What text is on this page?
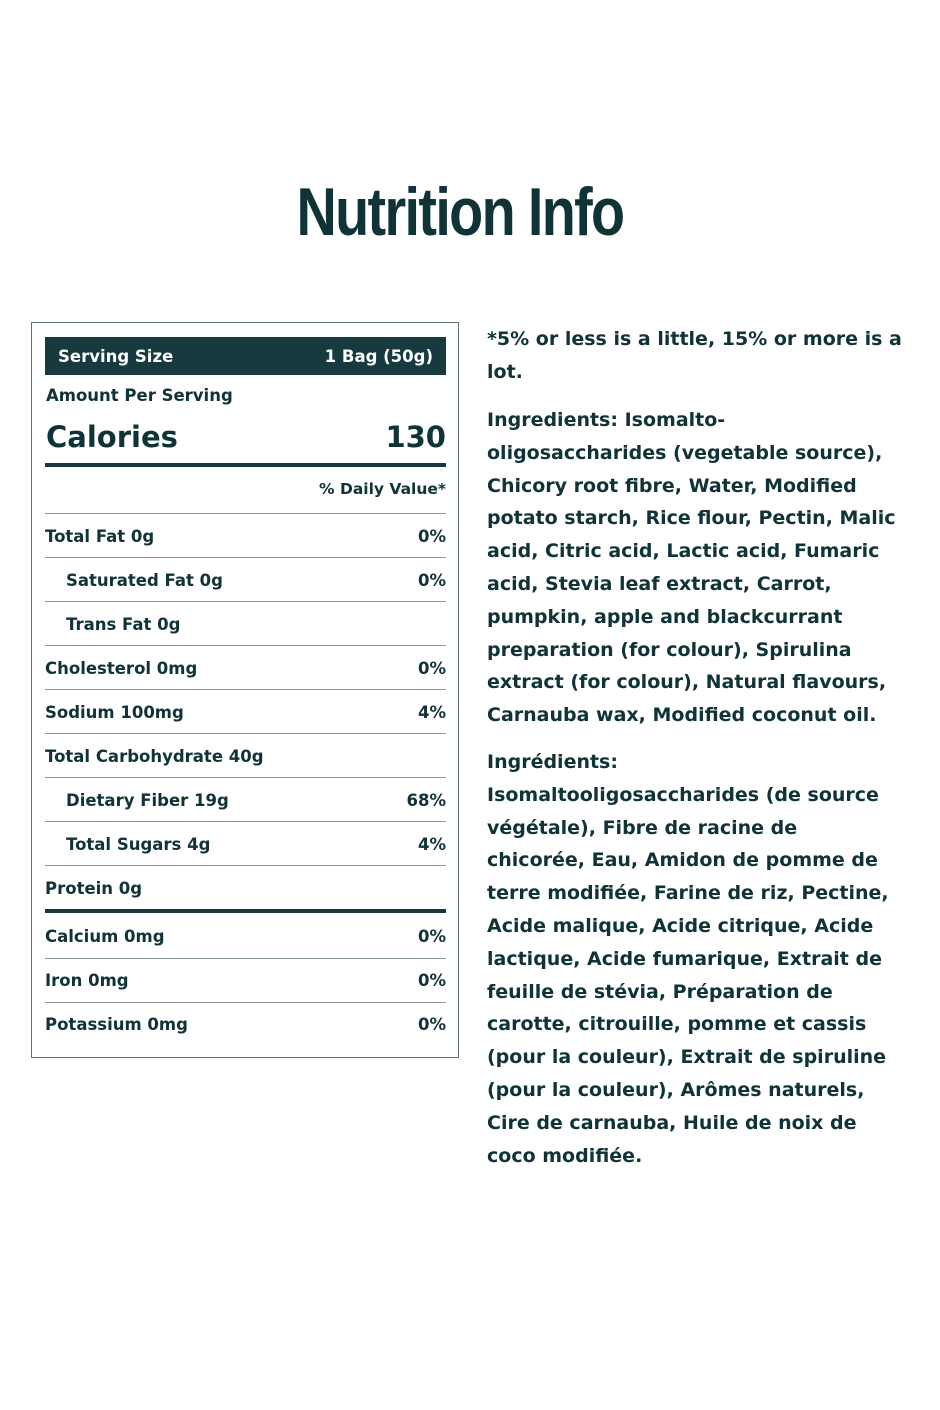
Nutrition Info
Serving Size	1 Bag (50g)
Amount Per Serving
Calories	130
% Daily Value*
Total Fat 0g	0%
Saturated Fat 0g	0%
Trans Fat 0g
Cholesterol 0mg	0%
Sodium 100mg	4%
Total Carbohydrate 40g
Dietary Fiber 19g	68%
Total Sugars 4g	4%
Protein 0g
Calcium 0mg	0%
Iron 0mg	0%
Potassium 0mg	0%

*5% or less is a little, 15% or more is a
lot.

Ingredients: Isomalto-
oligosaccharides (vegetable source),
Chicory root fibre, Water, Modified
potato starch, Rice flour, Pectin, Malic
acid, Citric acid, Lactic acid, Fumaric
acid, Stevia leaf extract, Carrot,
pumpkin, apple and blackcurrant
preparation (for colour), Spirulina
extract (for colour), Natural flavours,
Carnauba wax, Modified coconut oil.

Ingrédients:
Isomaltooligosaccharides (de source
végétale), Fibre de racine de
chicorée, Eau, Amidon de pomme de
terre modifiée, Farine de riz, Pectine,
Acide malique, Acide citrique, Acide
lactique, Acide fumarique, Extrait de
feuille de stévia, Préparation de
carotte, citrouille, pomme et cassis
(pour la couleur), Extrait de spiruline
(pour la couleur), Arômes naturels,
Cire de carnauba, Huile de noix de
coco modifiée.
